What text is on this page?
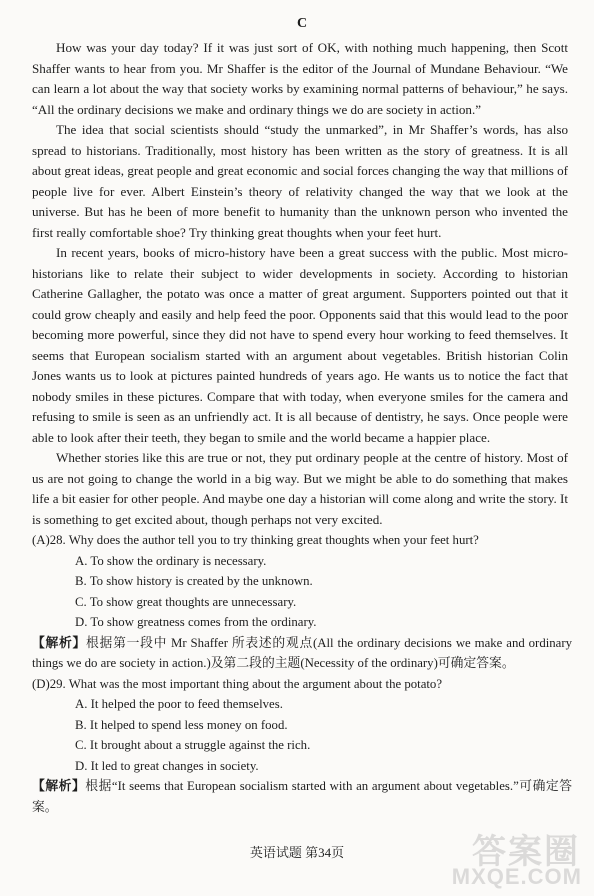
C

How was your day today? If it was just sort of OK, with nothing much happening, then Scott Shaffer wants to hear from you. Mr Shaffer is the editor of the Journal of Mundane Behaviour. “We can learn a lot about the way that society works by examining normal patterns of behaviour,” he says. “All the ordinary decisions we make and ordinary things we do are society in action.”

The idea that social scientists should “study the unmarked”, in Mr Shaffer’s words, has also spread to historians. Traditionally, most history has been written as the story of greatness. It is all about great ideas, great people and great economic and social forces changing the way that millions of people live for ever. Albert Einstein’s theory of relativity changed the way that we look at the universe. But has he been of more benefit to humanity than the unknown person who invented the first really comfortable shoe? Try thinking great thoughts when your feet hurt.

In recent years, books of micro-history have been a great success with the public. Most micro-historians like to relate their subject to wider developments in society. According to historian Catherine Gallagher, the potato was once a matter of great argument. Supporters pointed out that it could grow cheaply and easily and help feed the poor. Opponents said that this would lead to the poor becoming more powerful, since they did not have to spend every hour working to feed themselves. It seems that European socialism started with an argument about vegetables. British historian Colin Jones wants us to look at pictures painted hundreds of years ago. He wants us to notice the fact that nobody smiles in these pictures. Compare that with today, when everyone smiles for the camera and refusing to smile is seen as an unfriendly act. It is all because of dentistry, he says. Once people were able to look after their teeth, they began to smile and the world became a happier place.

Whether stories like this are true or not, they put ordinary people at the centre of history. Most of us are not going to change the world in a big way. But we might be able to do something that makes life a bit easier for other people. And maybe one day a historian will come along and write the story. It is something to get excited about, though perhaps not very excited.

(A)28. Why does the author tell you to try thinking great thoughts when your feet hurt?

A. To show the ordinary is necessary.
B. To show history is created by the unknown.
C. To show great thoughts are unnecessary.
D. To show greatness comes from the ordinary.

【解析】根据第一段中 Mr Shaffer 所表述的观点(All the ordinary decisions we make and ordinary things we do are society in action.)及第二段的主题(Necessity of the ordinary)可确定答案。

(D)29. What was the most important thing about the argument about the potato?

A. It helped the poor to feed themselves.
B. It helped to spend less money on food.
C. It brought about a struggle against the rich.
D. It led to great changes in society.

【解析】根据“It seems that European socialism started with an argument about vegetables.”可确定答案。

英语试题 第34页	答案圈
MXQE.COM
